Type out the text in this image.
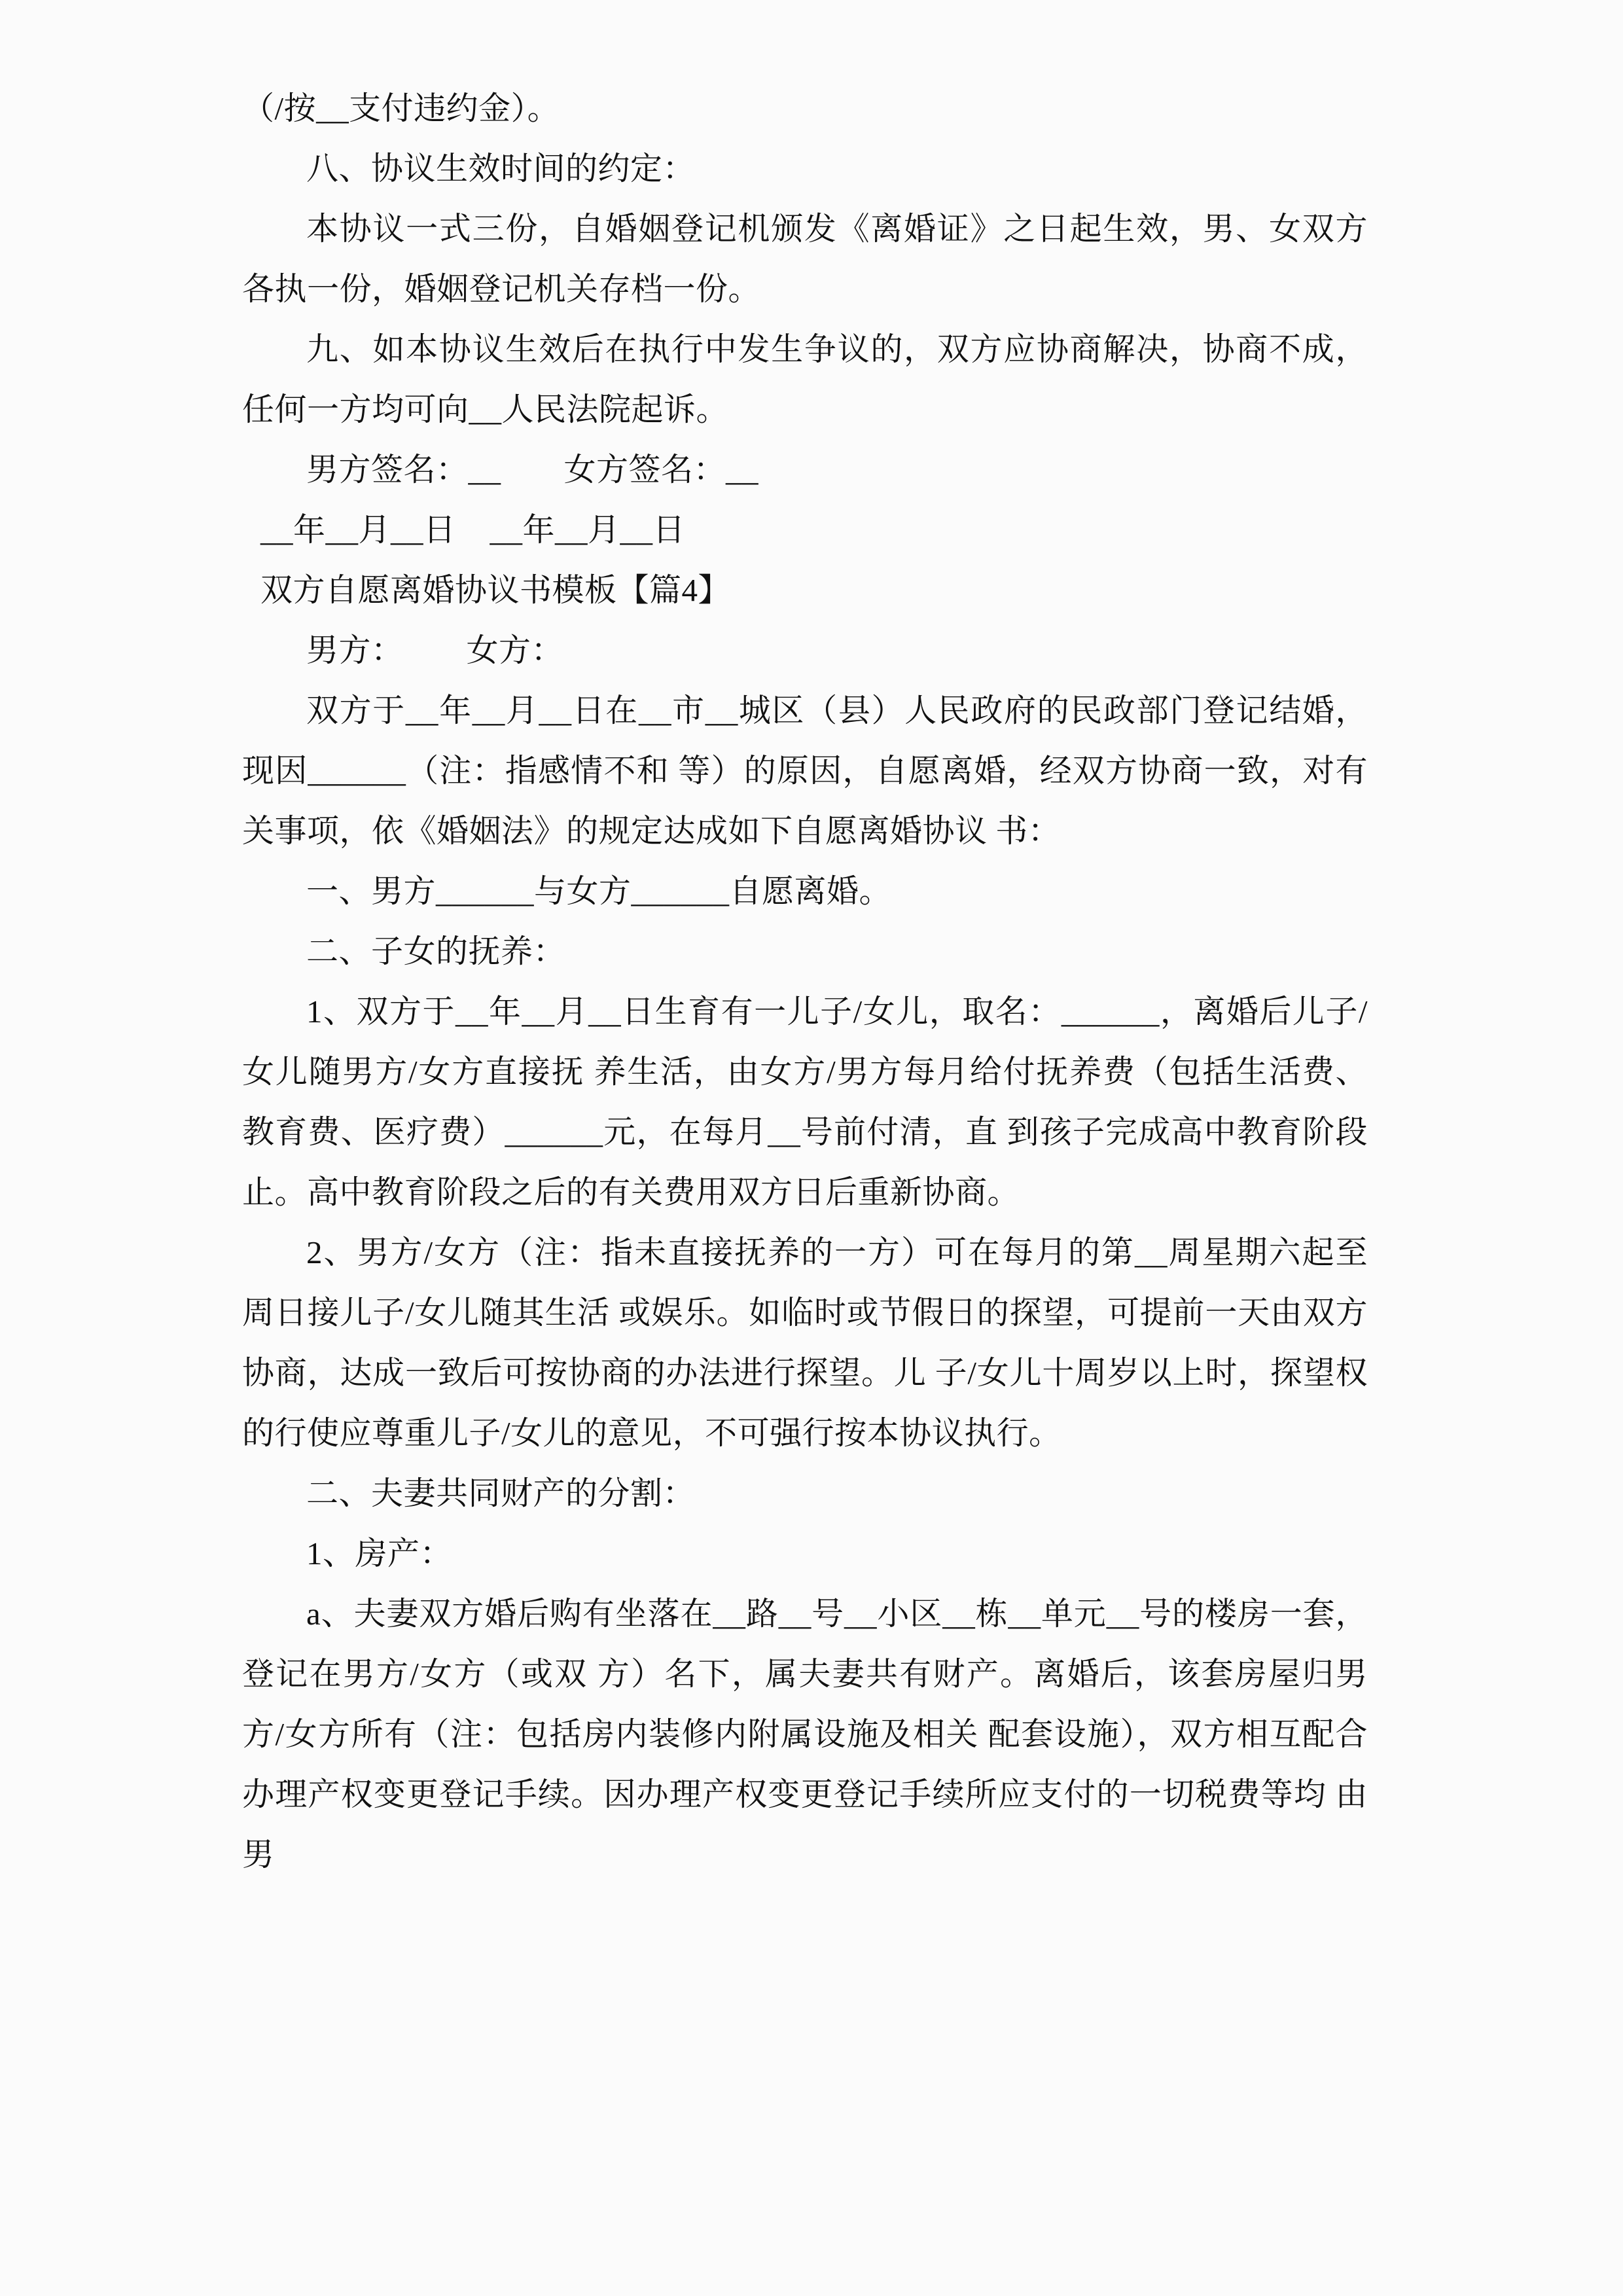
（/按__支付违约金）。

八、协议生效时间的约定：

本协议一式三份，自婚姻登记机颁发《离婚证》之日起生效，男、女双方各执一份，婚姻登记机关存档一份。

九、如本协议生效后在执行中发生争议的，双方应协商解决，协商不成，任何一方均可向__人民法院起诉。

男方签名：__ 女方签名：__

__年__月__日 __年__月__日

双方自愿离婚协议书模板【篇4】

男方： 女方：

双方于__年__月__日在__市__城区（县）人民政府的民政部门登记结婚，现因______（注：指感情不和 等）的原因，自愿离婚，经双方协商一致，对有关事项，依《婚姻法》的规定达成如下自愿离婚协议 书：

一、男方______与女方______自愿离婚。

二、子女的抚养：

1、双方于__年__月__日生育有一儿子/女儿，取名：______，离婚后儿子/女儿随男方/女方直接抚 养生活，由女方/男方每月给付抚养费（包括生活费、教育费、医疗费）______元，在每月__号前付清，直 到孩子完成高中教育阶段止。高中教育阶段之后的有关费用双方日后重新协商。

2、男方/女方（注：指未直接抚养的一方）可在每月的第__周星期六起至周日接儿子/女儿随其生活 或娱乐。如临时或节假日的探望，可提前一天由双方协商，达成一致后可按协商的办法进行探望。儿 子/女儿十周岁以上时，探望权的行使应尊重儿子/女儿的意见，不可强行按本协议执行。

二、夫妻共同财产的分割：

1、房产：

a、夫妻双方婚后购有坐落在__路__号__小区__栋__单元__号的楼房一套，登记在男方/女方（或双 方）名下，属夫妻共有财产。离婚后，该套房屋归男方/女方所有（注：包括房内装修内附属设施及相关 配套设施），双方相互配合办理产权变更登记手续。因办理产权变更登记手续所应支付的一切税费等均 由男
